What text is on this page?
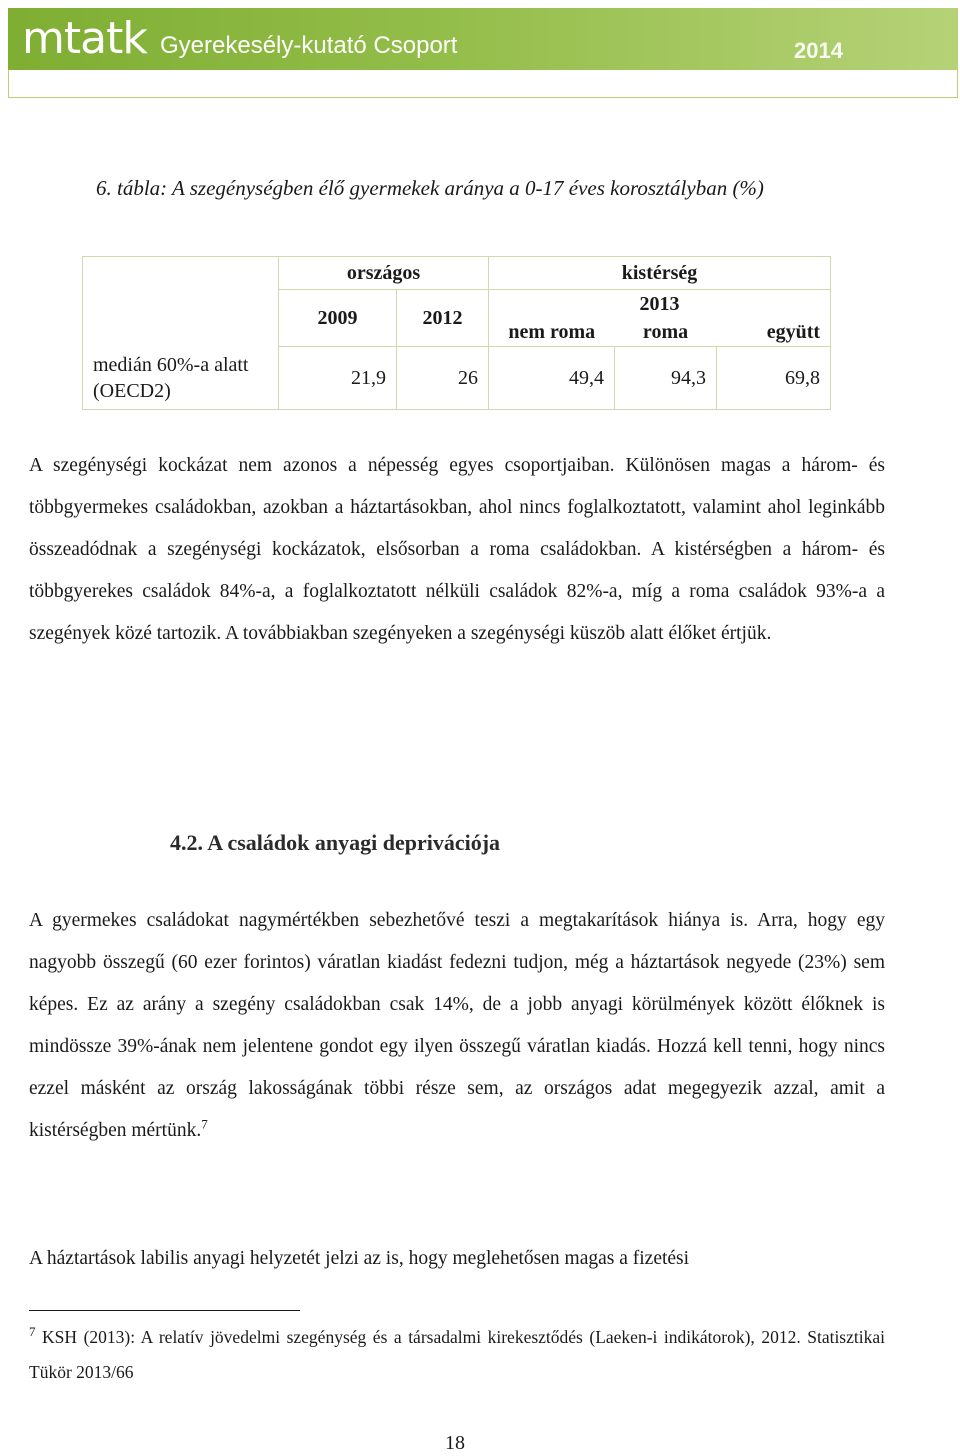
mtatk Gyerekesély-kutató Csoport	2014
6. tábla: A szegénységben élő gyermekek aránya a 0-17 éves korosztályban (%)
	országos		kistérség		
	2009	2012	2013		
			nem roma	roma	együtt
medián 60%-a alatt (OECD2)	21,9	26	49,4	94,3	69,8
A szegénységi kockázat nem azonos a népesség egyes csoportjaiban. Különösen magas a három- és többgyermekes családokban, azokban a háztartásokban, ahol nincs foglalkoztatott, valamint ahol leginkább összeadódnak a szegénységi kockázatok, elsősorban a roma családokban. A kistérségben a három- és többgyerekes családok 84%-a, a foglalkoztatott nélküli családok 82%-a, míg a roma családok 93%-a a szegények közé tartozik. A továbbiakban szegényeken a szegénységi küszöb alatt élőket értjük.
4.2. A családok anyagi deprivációja
A gyermekes családokat nagymértékben sebezhetővé teszi a megtakarítások hiánya is. Arra, hogy egy nagyobb összegű (60 ezer forintos) váratlan kiadást fedezni tudjon, még a háztartások negyede (23%) sem képes. Ez az arány a szegény családokban csak 14%, de a jobb anyagi körülmények között élőknek is mindössze 39%-ának nem jelentene gondot egy ilyen összegű váratlan kiadás. Hozzá kell tenni, hogy nincs ezzel másként az ország lakosságának többi része sem, az országos adat megegyezik azzal, amit a kistérségben mértünk.$^7$
A háztartások labilis anyagi helyzetét jelzi az is, hogy meglehetősen magas a fizetési
$^7$ KSH (2013): A relatív jövedelmi szegénység és a társadalmi kirekesztődés (Laeken-i indikátorok), 2012. Statisztikai Tükör 2013/66
18
